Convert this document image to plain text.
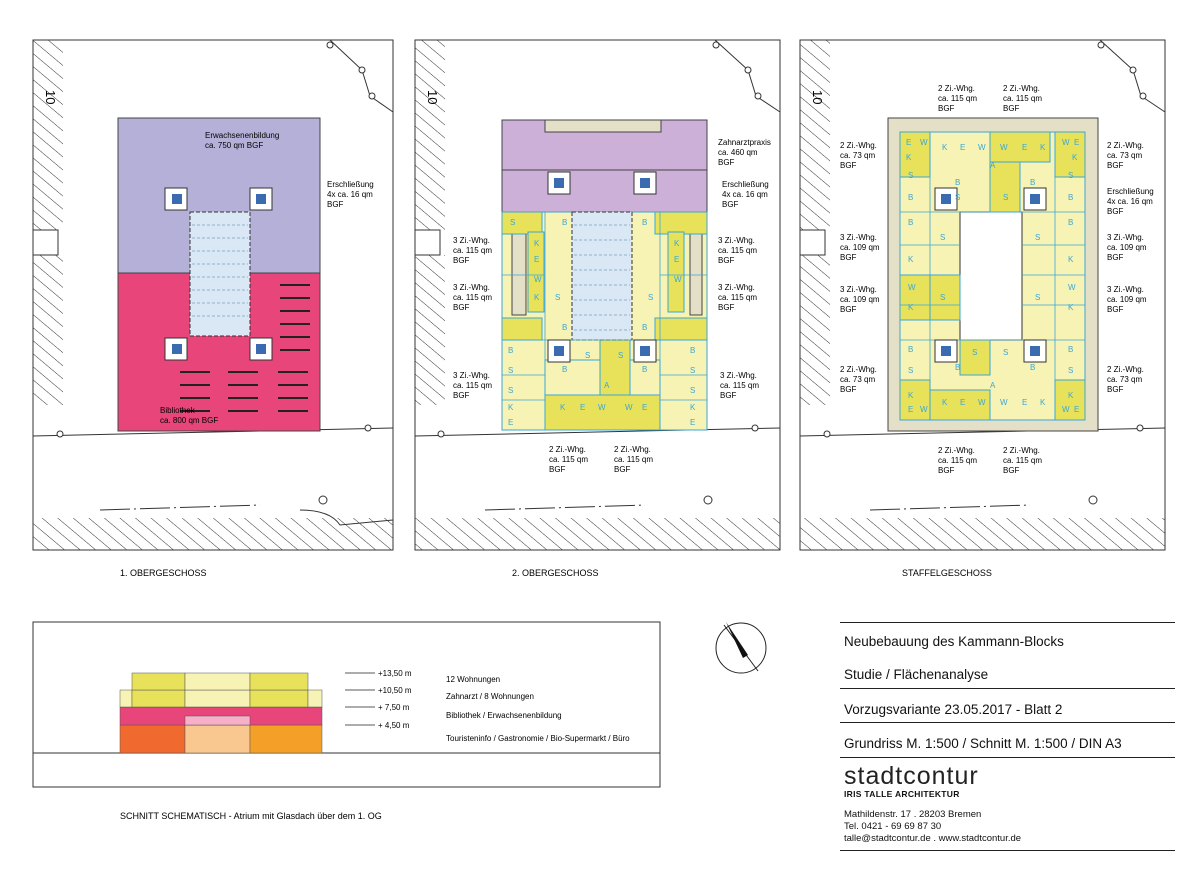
Erwachsenenbildung
ca. 750 qm BGF
Erschließung
4x ca. 16 qm
BGF
Bibliothek
ca. 800 qm BGF
10
1. OBERGESCHOSS
B
S
S
K
E
B
S
S
K
E
K E W W E
A
S	S
B	B
S
K
E
W
K
K
E
W
B
B
B
B
S	S
Zahnarztpraxis
ca. 460 qm
BGF
Erschließung
4x ca. 16 qm
BGF
3 Zi.-Whg.
ca. 115 qm
BGF
3 Zi.-Whg.
ca. 115 qm
BGF
3 Zi.-Whg.
ca. 115 qm
BGF
3 Zi.-Whg.
ca. 115 qm
BGF
3 Zi.-Whg.
ca. 115 qm
BGF
3 Zi.-Whg.
ca. 115 qm
BGF
2 Zi.-Whg.
ca. 115 qm
BGF
2 Zi.-Whg.
ca. 115 qm
BGF
10
2. OBERGESCHOSS
E W
K
K E W W E K
W E
K
A
S
B
B
S	S
B
S
B
B
K
W
K
S
S
B
K
W
K
S
S
B
S
K
E W
B
S	S
B
A
K E W W E K
B
S
K
W E
2 Zi.-Whg.
ca. 115 qm
BGF
2 Zi.-Whg.
ca. 115 qm
BGF
2 Zi.-Whg.
ca. 73 qm
BGF
2 Zi.-Whg.
ca. 73 qm
BGF
Erschließung
4x ca. 16 qm
BGF
3 Zi.-Whg.
ca. 109 qm
BGF
3 Zi.-Whg.
ca. 109 qm
BGF
3 Zi.-Whg.
ca. 109 qm
BGF
3 Zi.-Whg.
ca. 109 qm
BGF
2 Zi.-Whg.
ca. 73 qm
BGF
2 Zi.-Whg.
ca. 73 qm
BGF
2 Zi.-Whg.
ca. 115 qm
BGF
2 Zi.-Whg.
ca. 115 qm
BGF
10
STAFFELGESCHOSS
+13,50 m
+10,50 m
+ 7,50 m
+ 4,50 m
12 Wohnungen
Zahnarzt / 8 Wohnungen
Bibliothek / Erwachsenenbildung
Touristeninfo / Gastronomie / Bio-Supermarkt / Büro
SCHNITT SCHEMATISCH - Atrium mit Glasdach über dem 1. OG
Neubebauung des Kammann-Blocks
Studie / Flächenanalyse
Vorzugsvariante 23.05.2017 - Blatt 2
Grundriss M. 1:500 / Schnitt M. 1:500 / DIN A3
stadtcontur
IRIS TALLE ARCHITEKTUR
Mathildenstr. 17 . 28203 Bremen
Tel. 0421 - 69 69 87 30
talle@stadtcontur.de . www.stadtcontur.de
